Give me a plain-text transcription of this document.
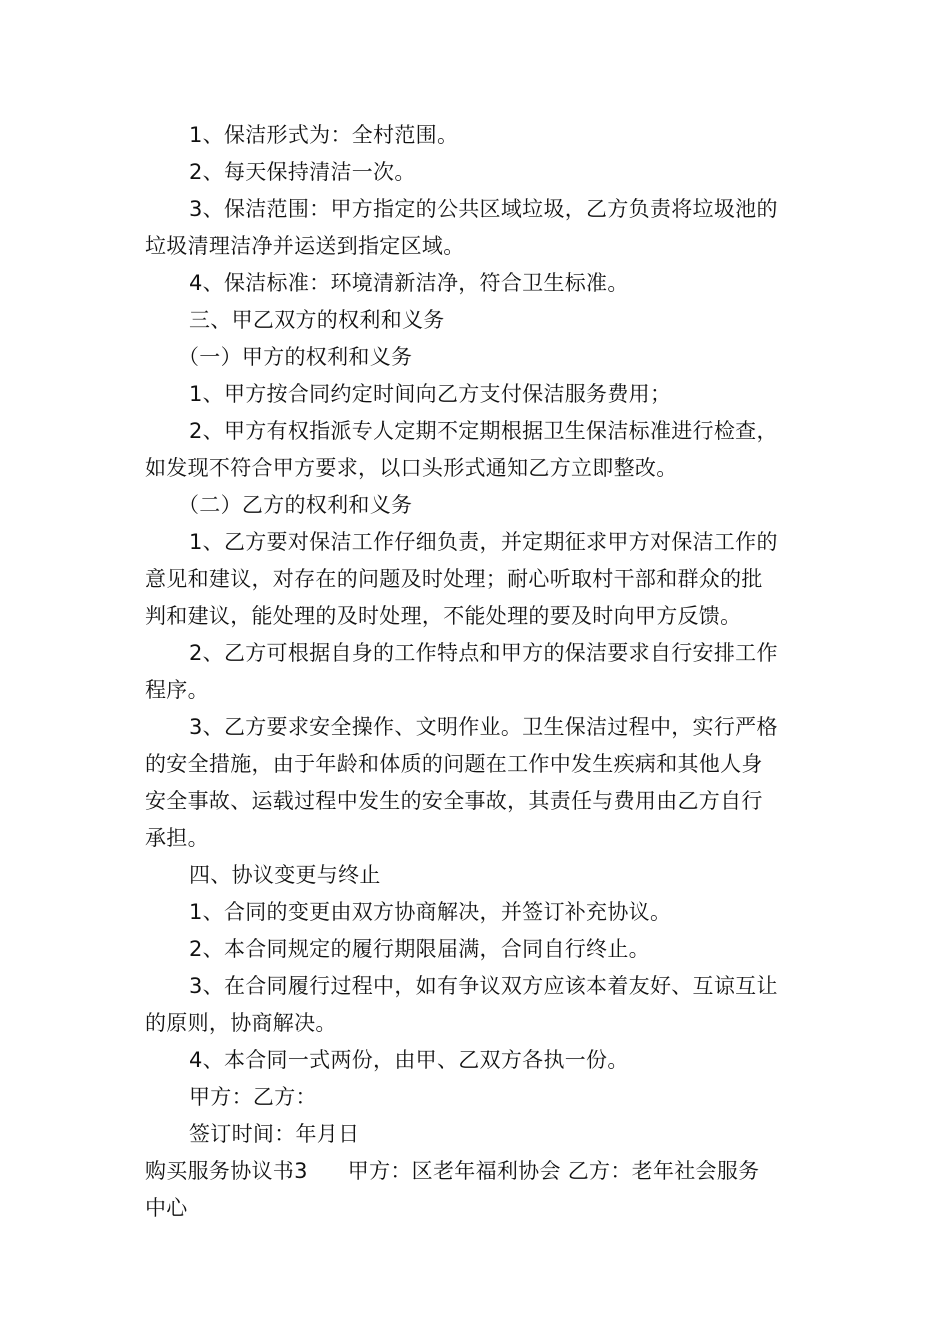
1、保洁形式为：全村范围。
2、每天保持清洁一次。
3、保洁范围：甲方指定的公共区域垃圾，乙方负责将垃圾池的
垃圾清理洁净并运送到指定区域。
4、保洁标准：环境清新洁净，符合卫生标准。
三、甲乙双方的权利和义务
（一）甲方的权利和义务
1、甲方按合同约定时间向乙方支付保洁服务费用；
2、甲方有权指派专人定期不定期根据卫生保洁标准进行检查，
如发现不符合甲方要求，以口头形式通知乙方立即整改。
（二）乙方的权利和义务
1、乙方要对保洁工作仔细负责，并定期征求甲方对保洁工作的
意见和建议，对存在的问题及时处理；耐心听取村干部和群众的批
判和建议，能处理的及时处理，不能处理的要及时向甲方反馈。
2、乙方可根据自身的工作特点和甲方的保洁要求自行安排工作
程序。
3、乙方要求安全操作、文明作业。卫生保洁过程中，实行严格
的安全措施，由于年龄和体质的问题在工作中发生疾病和其他人身
安全事故、运载过程中发生的安全事故，其责任与费用由乙方自行
承担。
四、协议变更与终止
1、合同的变更由双方协商解决，并签订补充协议。
2、本合同规定的履行期限届满，合同自行终止。
3、在合同履行过程中，如有争议双方应该本着友好、互谅互让
的原则，协商解决。
4、本合同一式两份，由甲、乙双方各执一份。
甲方：乙方：
签订时间：年月日
购买服务协议书3 甲方：区老年福利协会 乙方：老年社会服务
中心
